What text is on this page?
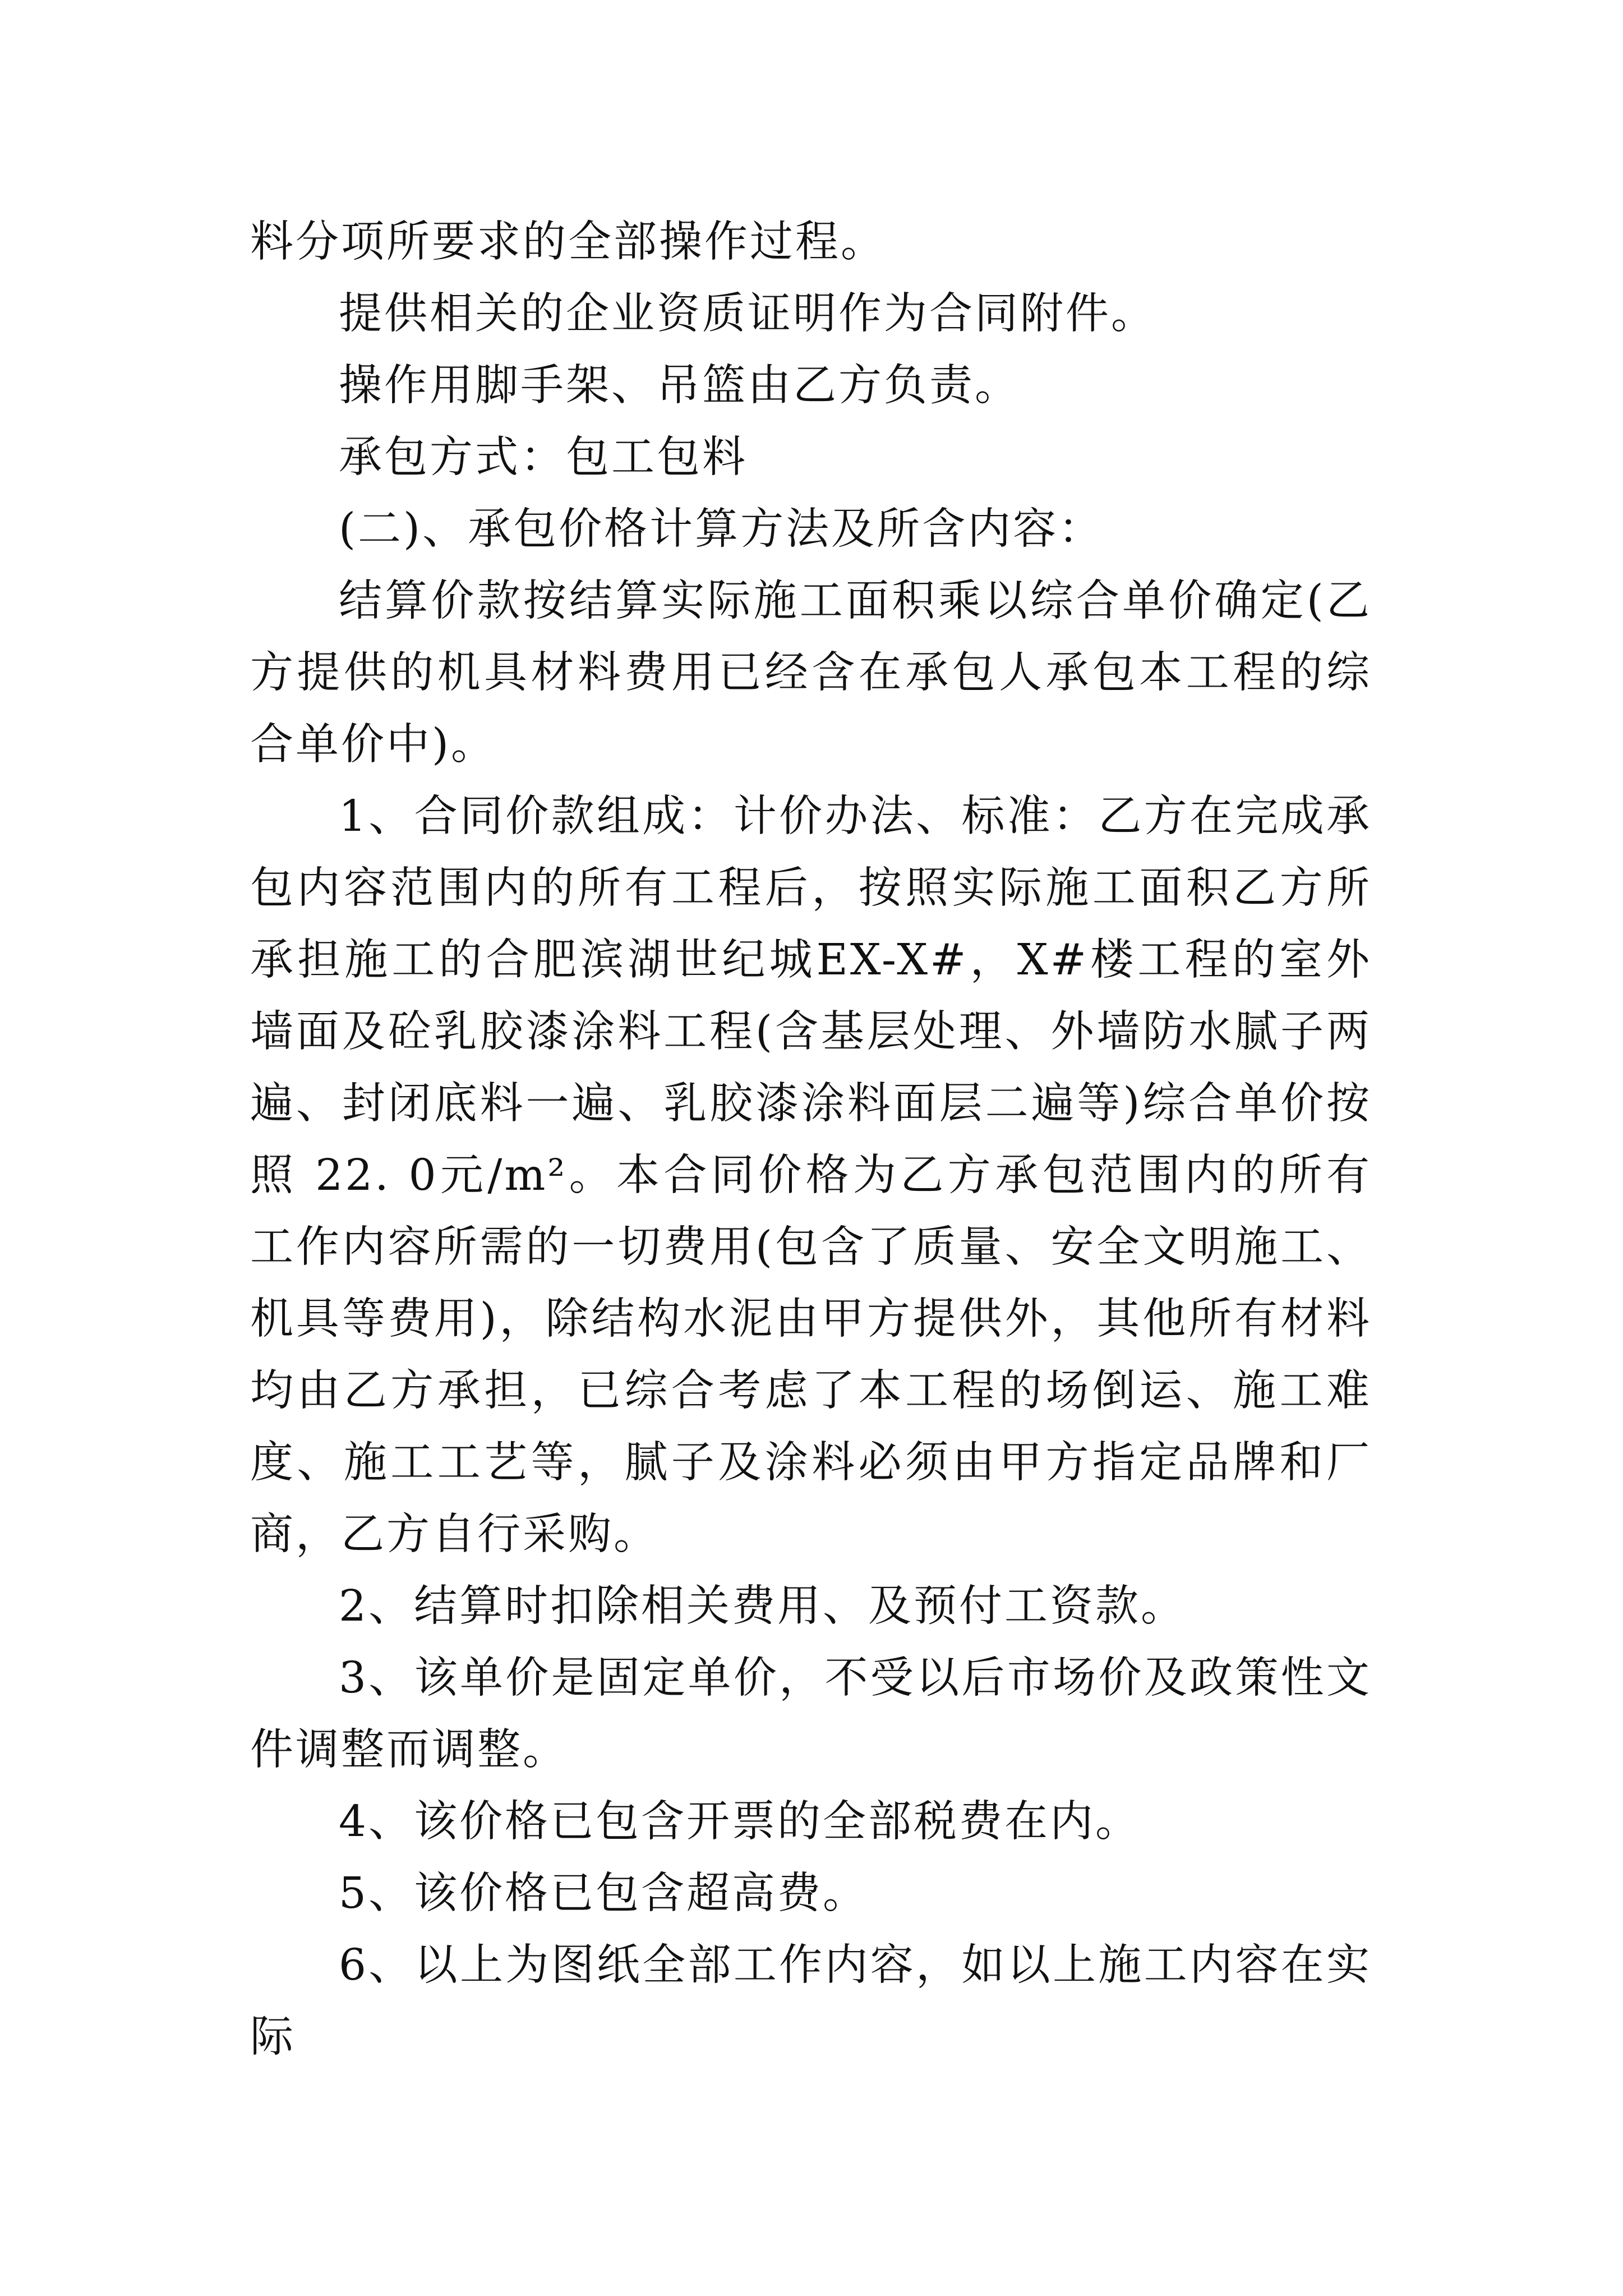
料分项所要求的全部操作过程。

提供相关的企业资质证明作为合同附件。

操作用脚手架、吊篮由乙方负责。

承包方式：包工包料

(二)、承包价格计算方法及所含内容：

结算价款按结算实际施工面积乘以综合单价确定(乙方提供的机具材料费用已经含在承包人承包本工程的综合单价中)。

1、合同价款组成：计价办法、标准：乙方在完成承包内容范围内的所有工程后，按照实际施工面积乙方所承担施工的合肥滨湖世纪城EX-X#，X#楼工程的室外墙面及砼乳胶漆涂料工程(含基层处理、外墙防水腻子两遍、封闭底料一遍、乳胶漆涂料面层二遍等)综合单价按照 22. 0元/m²。本合同价格为乙方承包范围内的所有工作内容所需的一切费用(包含了质量、安全文明施工、机具等费用)，除结构水泥由甲方提供外，其他所有材料均由乙方承担，已综合考虑了本工程的场倒运、施工难度、施工工艺等，腻子及涂料必须由甲方指定品牌和厂商，乙方自行采购。

2、结算时扣除相关费用、及预付工资款。

3、该单价是固定单价，不受以后市场价及政策性文件调整而调整。

4、该价格已包含开票的全部税费在内。

5、该价格已包含超高费。

6、以上为图纸全部工作内容，如以上施工内容在实际
